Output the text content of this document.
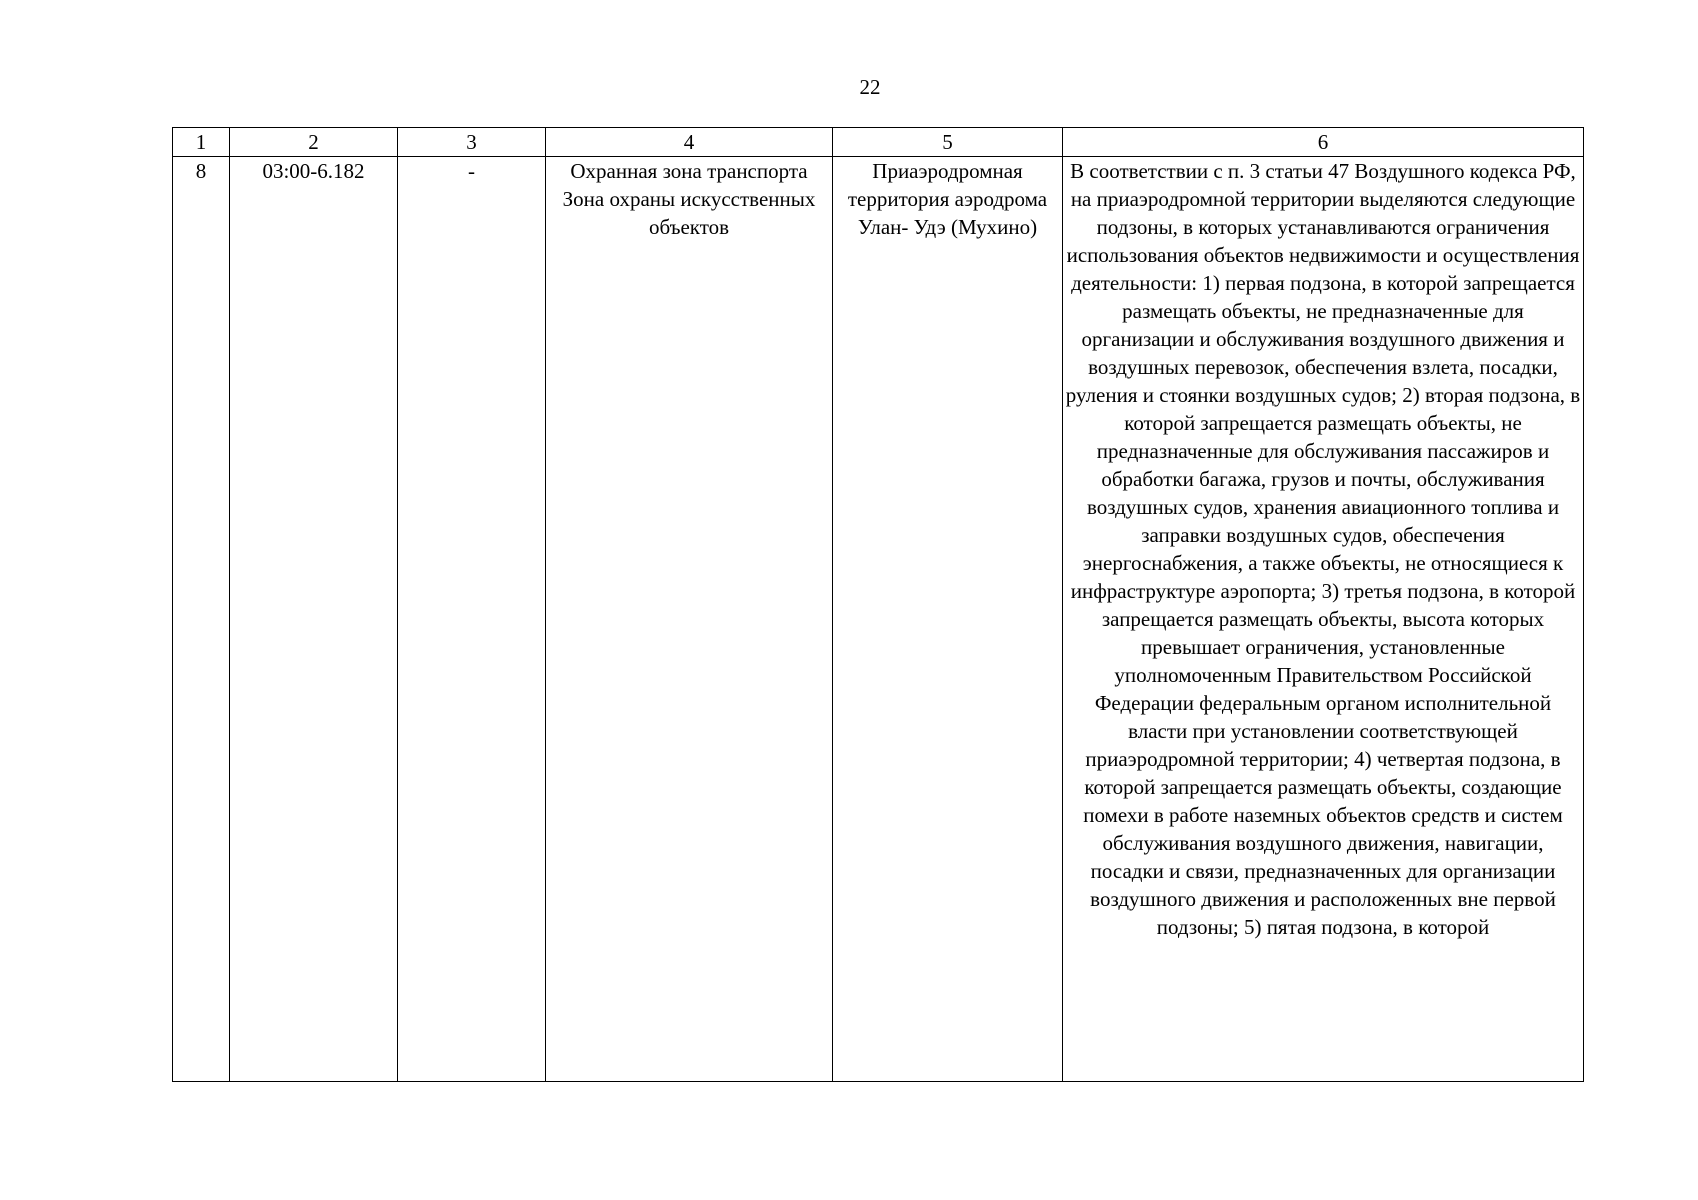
22
1	2	3	4	5	6
8	03:00-6.182	-	Охранная зона транспорта Зона охраны искусственных объектов	Приаэродромная территория аэродрома Улан- Удэ (Мухино)	В соответствии с п. 3 статьи 47 Воздушного кодекса РФ, на приаэродромной территории выделяются следующие подзоны, в которых устанавливаются ограничения использования объектов недвижимости и осуществления деятельности: 1) первая подзона, в которой запрещается размещать объекты, не предназначенные для организации и обслуживания воздушного движения и воздушных перевозок, обеспечения взлета, посадки, руления и стоянки воздушных судов; 2) вторая подзона, в которой запрещается размещать объекты, не предназначенные для обслуживания пассажиров и обработки багажа, грузов и почты, обслуживания воздушных судов, хранения авиационного топлива и заправки воздушных судов, обеспечения энергоснабжения, а также объекты, не относящиеся к инфраструктуре аэропорта; 3) третья подзона, в которой запрещается размещать объекты, высота которых превышает ограничения, установленные уполномоченным Правительством Российской Федерации федеральным органом исполнительной власти при установлении соответствующей приаэродромной территории; 4) четвертая подзона, в которой запрещается размещать объекты, создающие помехи в работе наземных объектов средств и систем обслуживания воздушного движения, навигации, посадки и связи, предназначенных для организации воздушного движения и расположенных вне первой подзоны; 5) пятая подзона, в которой
